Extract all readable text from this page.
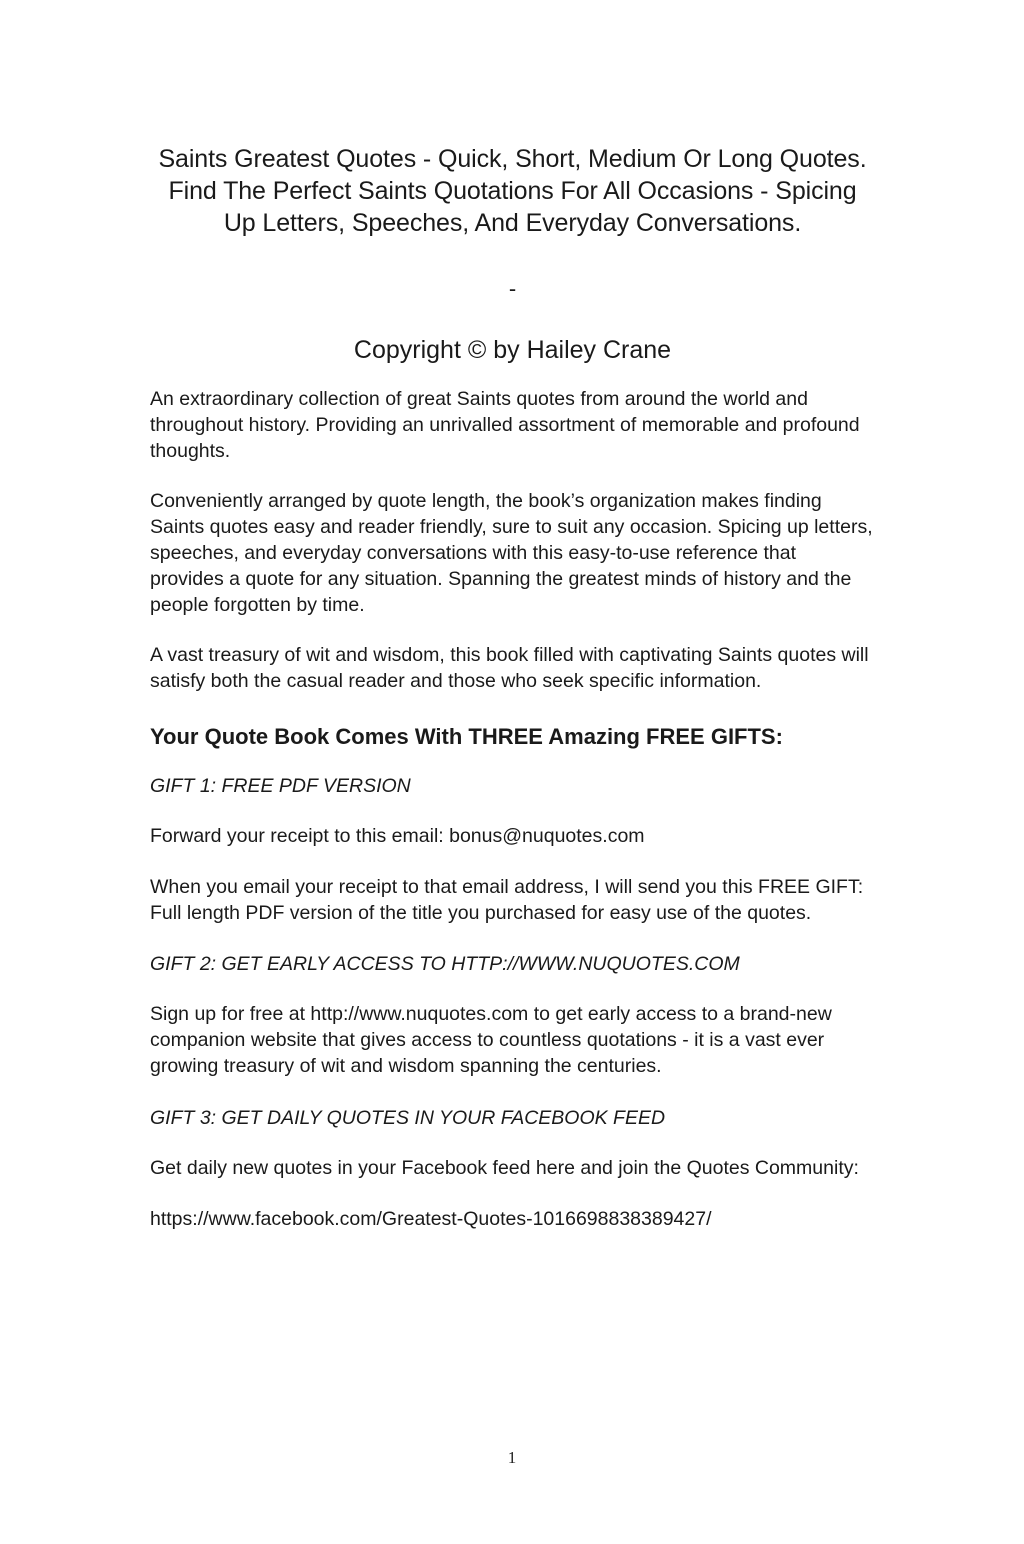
Saints Greatest Quotes - Quick, Short, Medium Or Long Quotes. Find The Perfect Saints Quotations For All Occasions - Spicing Up Letters, Speeches, And Everyday Conversations.
-
Copyright © by Hailey Crane

An extraordinary collection of great Saints quotes from around the world and throughout history. Providing an unrivalled assortment of memorable and profound thoughts.

Conveniently arranged by quote length, the book’s organization makes finding Saints quotes easy and reader friendly, sure to suit any occasion. Spicing up letters, speeches, and everyday conversations with this easy-to-use reference that provides a quote for any situation. Spanning the greatest minds of history and the people forgotten by time.

A vast treasury of wit and wisdom, this book filled with captivating Saints quotes will satisfy both the casual reader and those who seek specific information.

Your Quote Book Comes With THREE Amazing FREE GIFTS:

GIFT 1: FREE PDF VERSION

Forward your receipt to this email: bonus@nuquotes.com

When you email your receipt to that email address, I will send you this FREE GIFT: Full length PDF version of the title you purchased for easy use of the quotes.

GIFT 2: GET EARLY ACCESS TO HTTP://WWW.NUQUOTES.COM

Sign up for free at http://www.nuquotes.com to get early access to a brand-new companion website that gives access to countless quotations - it is a vast ever growing treasury of wit and wisdom spanning the centuries.

GIFT 3: GET DAILY QUOTES IN YOUR FACEBOOK FEED

Get daily new quotes in your Facebook feed here and join the Quotes Community:

https://www.facebook.com/Greatest-Quotes-1016698838389427/

1
